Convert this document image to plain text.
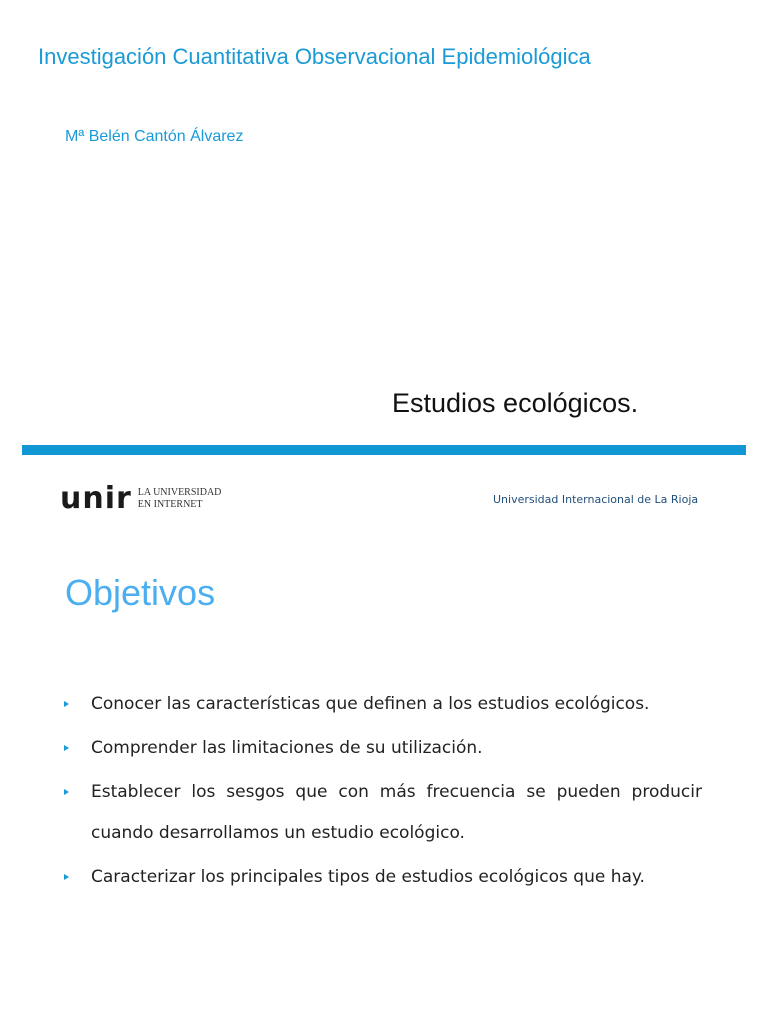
Investigación Cuantitativa Observacional Epidemiológica
Mª Belén Cantón Álvarez
Estudios ecológicos.
unir LA UNIVERSIDAD
EN INTERNET	Universidad Internacional de La Rioja
Objetivos
Conocer las características que definen a los estudios ecológicos.
Comprender las limitaciones de su utilización.
Establecer los sesgos que con más frecuencia se pueden producir cuando desarrollamos un estudio ecológico.
Caracterizar los principales tipos de estudios ecológicos que hay.
